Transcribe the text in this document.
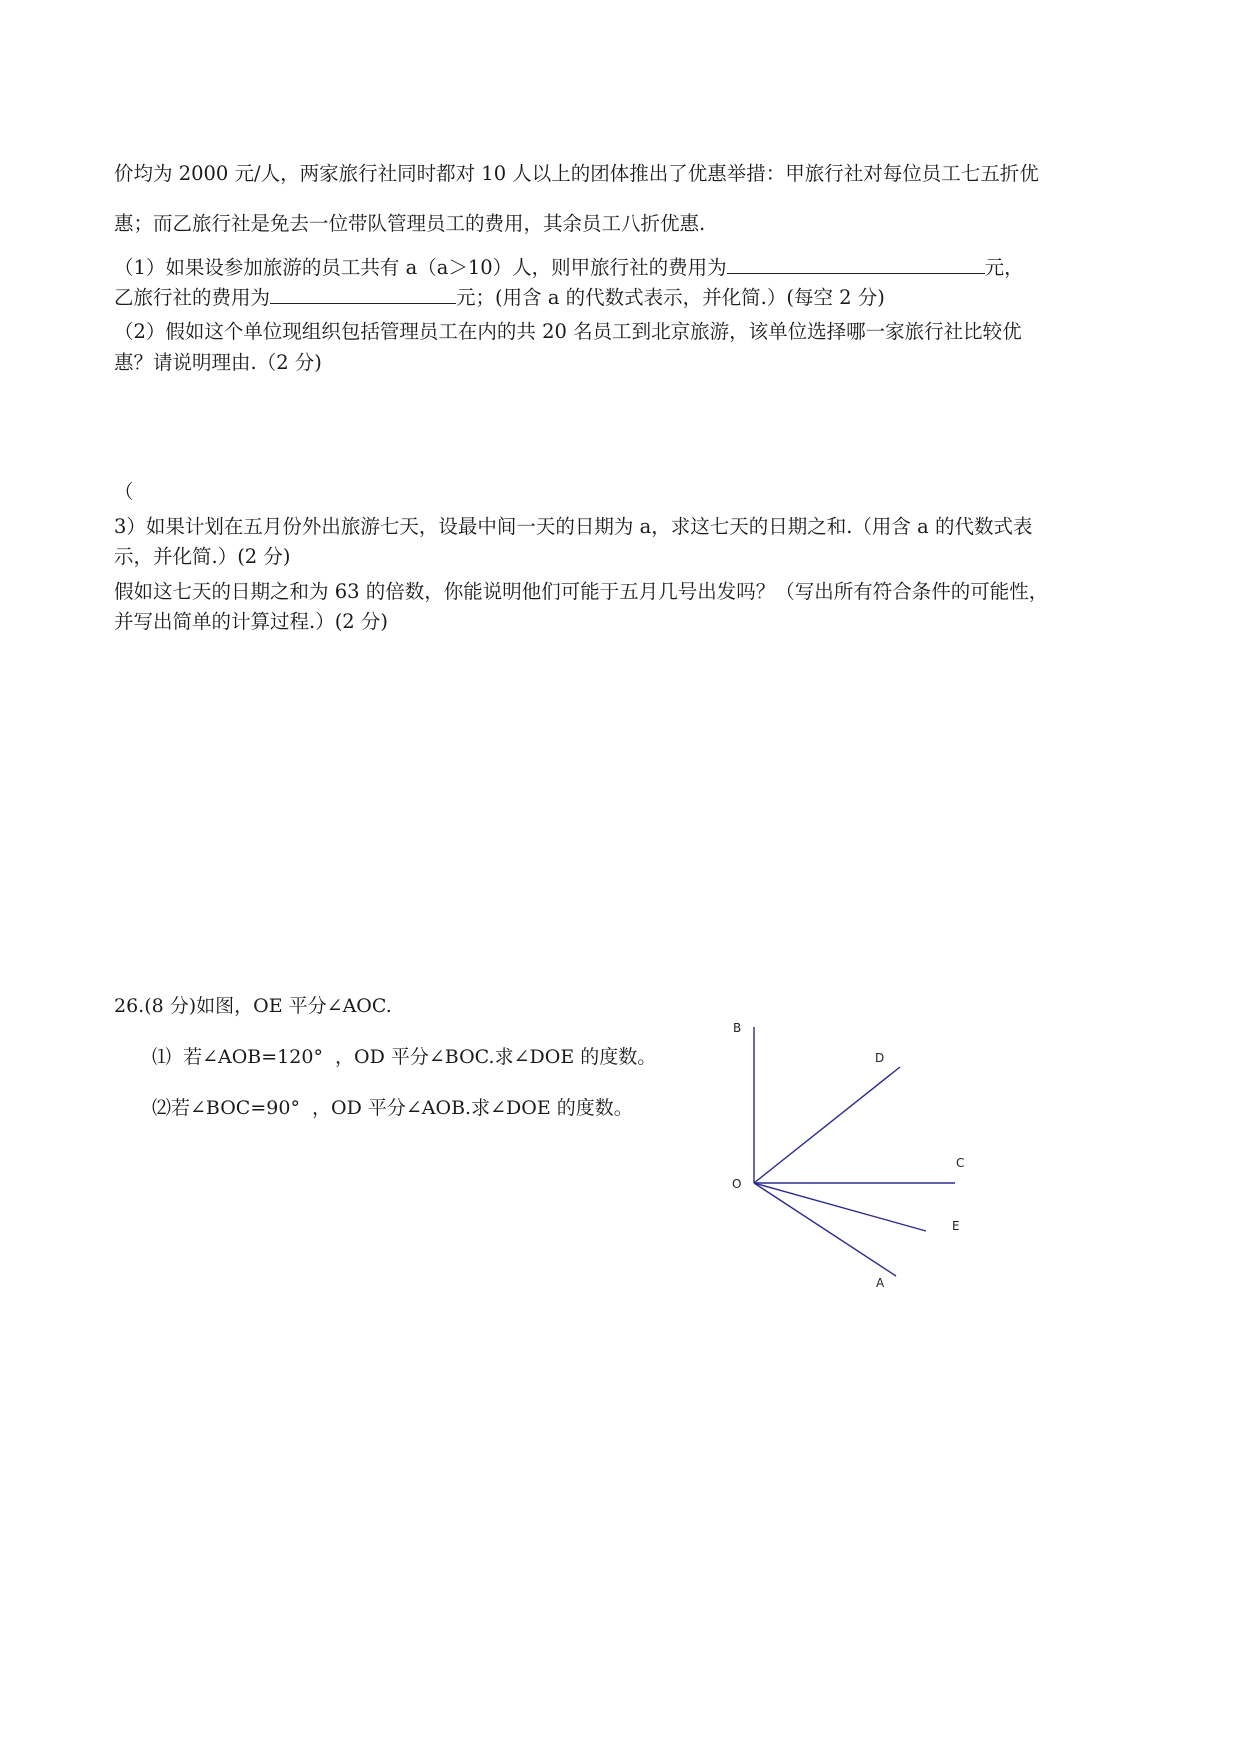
价均为 2000 元/人，两家旅行社同时都对 10 人以上的团体推出了优惠举措：甲旅行社对每位员工七五折优
惠；而乙旅行社是免去一位带队管理员工的费用，其余员工八折优惠.
（1）如果设参加旅游的员工共有 a（a＞10）人，则甲旅行社的费用为	元，
乙旅行社的费用为	元；(用含 a 的代数式表示，并化简.）(每空 2 分)
（2）假如这个单位现组织包括管理员工在内的共 20 名员工到北京旅游，该单位选择哪一家旅行社比较优
惠？请说明理由.（2 分)
（
3）如果计划在五月份外出旅游七天，设最中间一天的日期为 a，求这七天的日期之和.（用含 a 的代数式表
示，并化简.）(2 分)
假如这七天的日期之和为 63 的倍数，你能说明他们可能于五月几号出发吗？（写出所有符合条件的可能性，
并写出简单的计算过程.）(2 分)
26.(8 分)如图，OE 平分∠AOC.
⑴  若∠AOB=120°  ，OD 平分∠BOC.求∠DOE 的度数。
⑵若∠BOC=90°  ，OD 平分∠AOB.求∠DOE 的度数。
B
D
C
O
E
A
